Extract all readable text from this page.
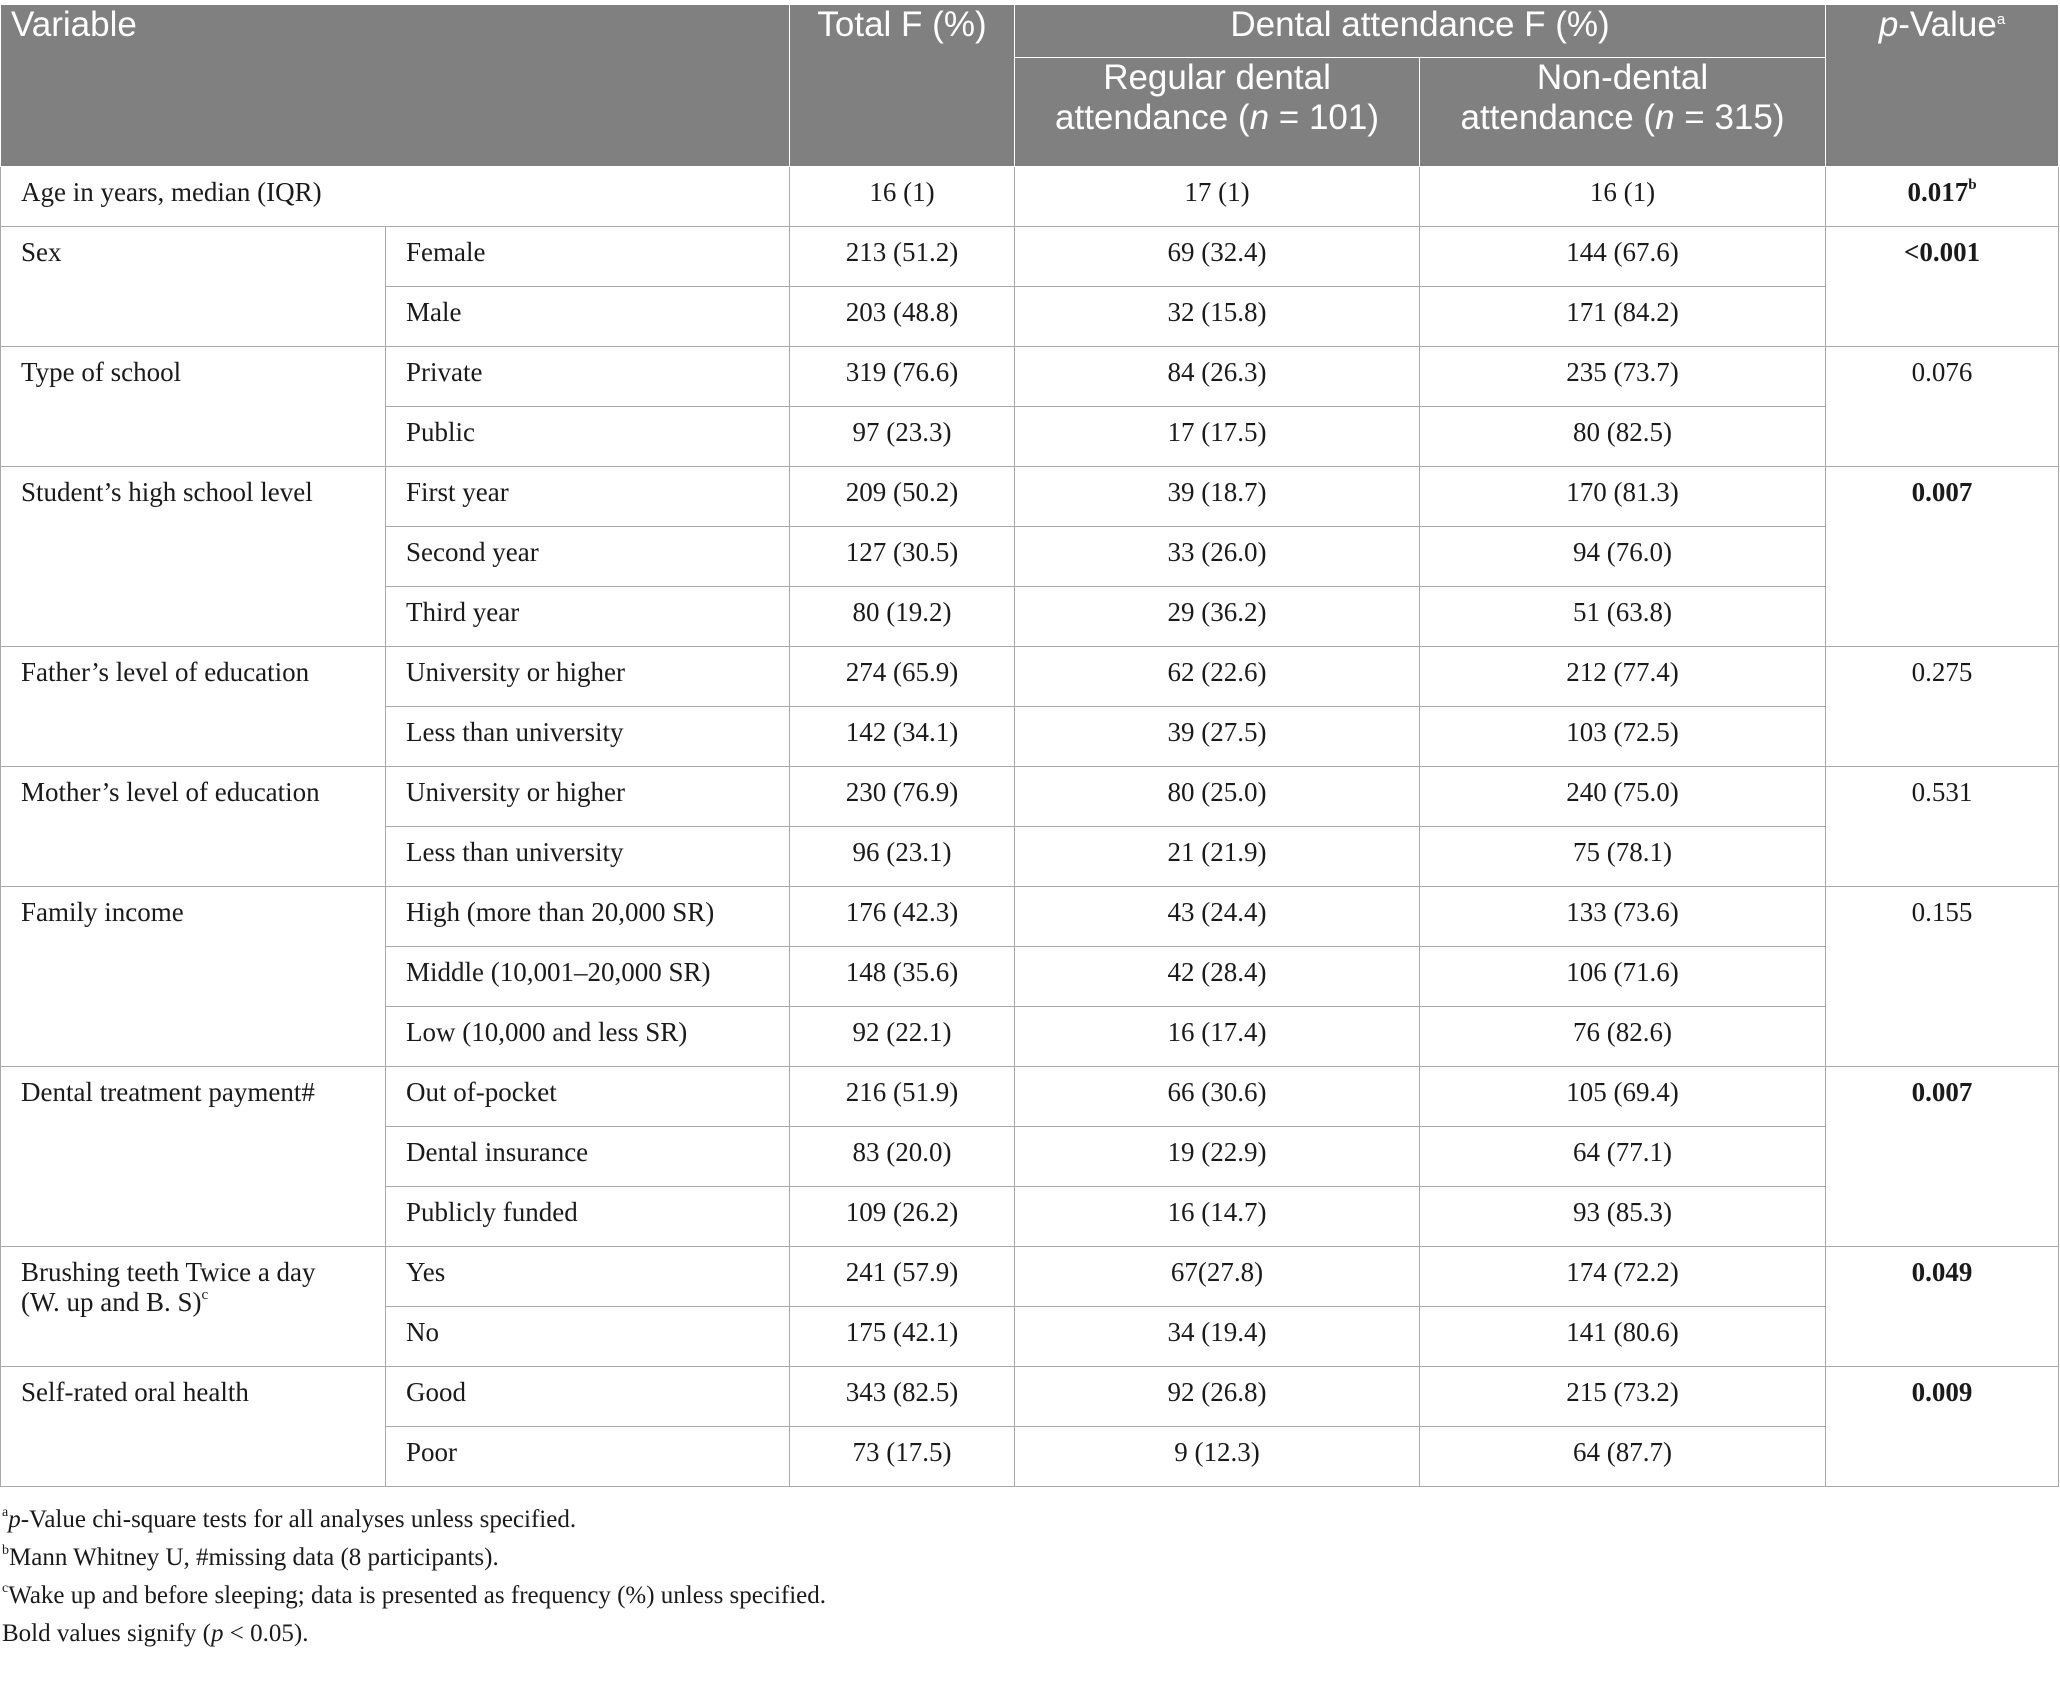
Variable		Total F (%)	Dental attendance F (%)		p-Value$^a$
			Regular dental
attendance (n = 101)	Non-dental
attendance (n = 315)	
Age in years, median (IQR)		16 (1)	17 (1)	16 (1)	0.017$^b$
Sex	Female	213 (51.2)	69 (32.4)	144 (67.6)	<0.001
	Male	203 (48.8)	32 (15.8)	171 (84.2)	
Type of school	Private	319 (76.6)	84 (26.3)	235 (73.7)	0.076
	Public	97 (23.3)	17 (17.5)	80 (82.5)	
Student’s high school level	First year	209 (50.2)	39 (18.7)	170 (81.3)	0.007
	Second year	127 (30.5)	33 (26.0)	94 (76.0)	
	Third year	80 (19.2)	29 (36.2)	51 (63.8)	
Father’s level of education	University or higher	274 (65.9)	62 (22.6)	212 (77.4)	0.275
	Less than university	142 (34.1)	39 (27.5)	103 (72.5)	
Mother’s level of education	University or higher	230 (76.9)	80 (25.0)	240 (75.0)	0.531
	Less than university	96 (23.1)	21 (21.9)	75 (78.1)	
Family income	High (more than 20,000 SR)	176 (42.3)	43 (24.4)	133 (73.6)	0.155
	Middle (10,001–20,000 SR)	148 (35.6)	42 (28.4)	106 (71.6)	
	Low (10,000 and less SR)	92 (22.1)	16 (17.4)	76 (82.6)	
Dental treatment payment#	Out of-pocket	216 (51.9)	66 (30.6)	105 (69.4)	0.007
	Dental insurance	83 (20.0)	19 (22.9)	64 (77.1)	
	Publicly funded	109 (26.2)	16 (14.7)	93 (85.3)	
Brushing teeth Twice a day
(W. up and B. S)$^c$	Yes	241 (57.9)	67(27.8)	174 (72.2)	0.049
	No	175 (42.1)	34 (19.4)	141 (80.6)	
Self-rated oral health	Good	343 (82.5)	92 (26.8)	215 (73.2)	0.009
	Poor	73 (17.5)	9 (12.3)	64 (87.7)	
$^a$p-Value chi-square tests for all analyses unless specified.
$^b$Mann Whitney U, #missing data (8 participants).
$^c$Wake up and before sleeping; data is presented as frequency (%) unless specified.
Bold values signify (p < 0.05).
